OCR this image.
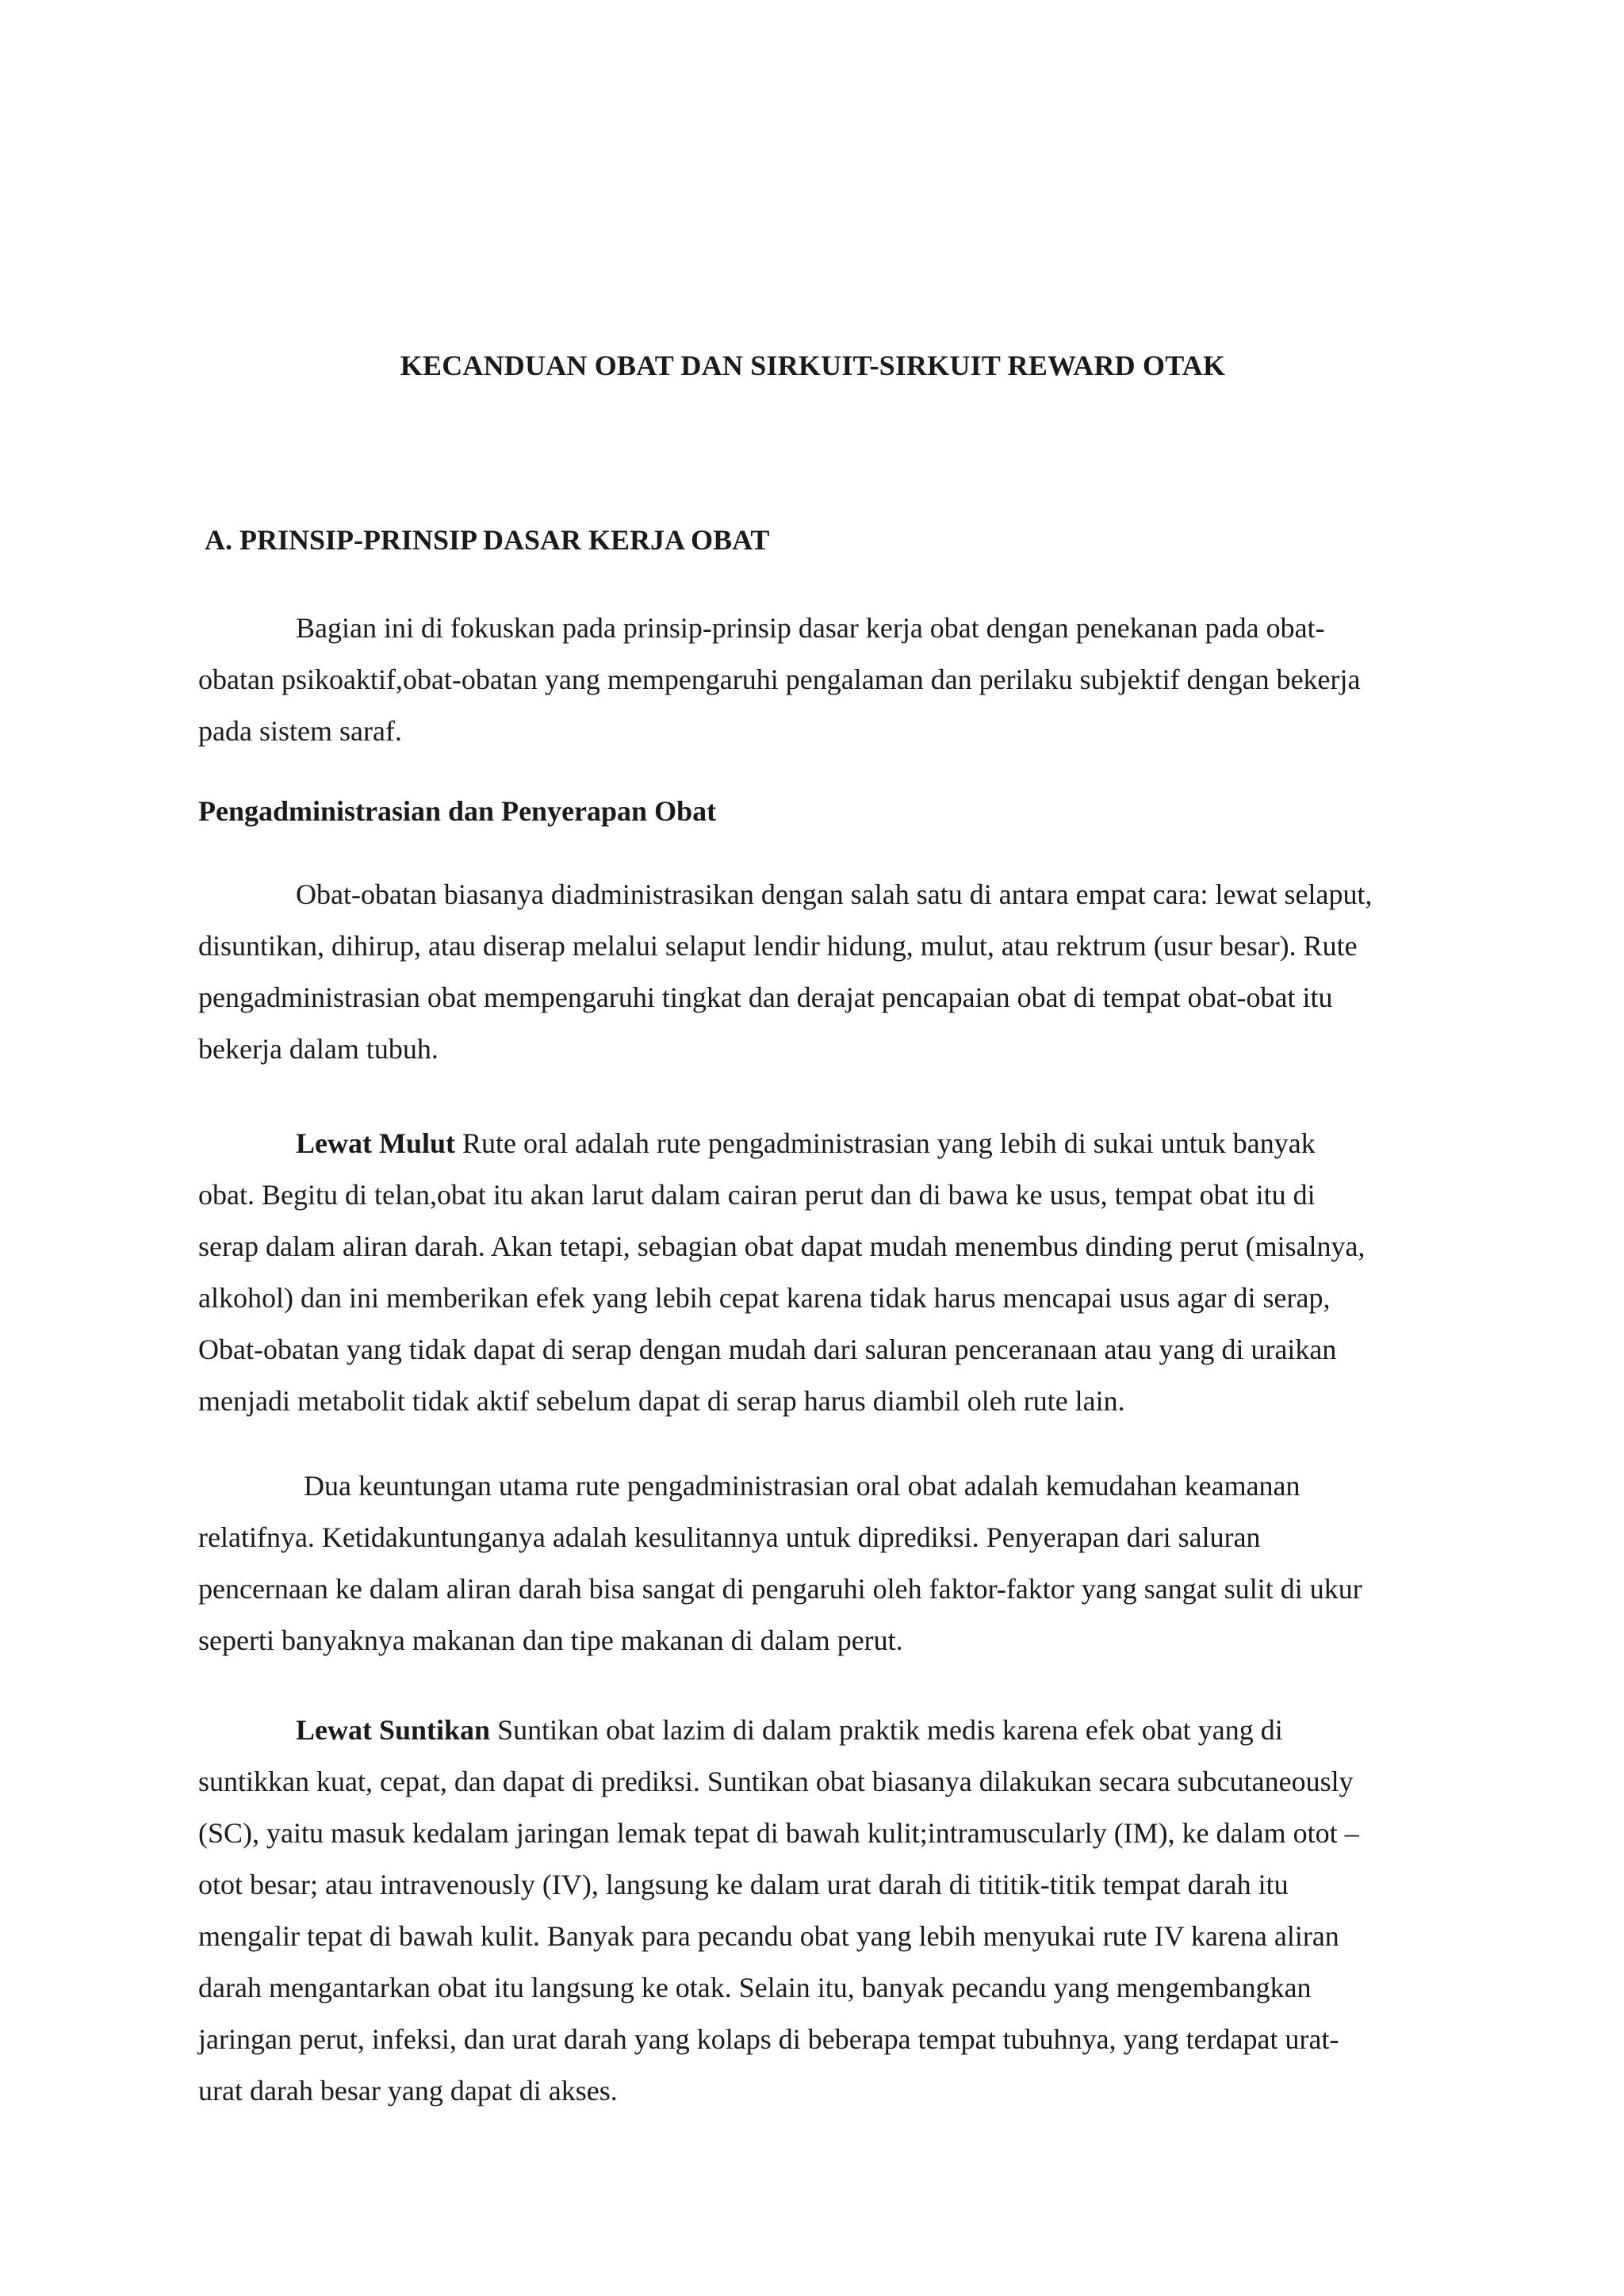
KECANDUAN OBAT DAN SIRKUIT-SIRKUIT REWARD OTAK
A. PRINSIP-PRINSIP DASAR KERJA OBAT
Bagian ini di fokuskan pada prinsip-prinsip dasar kerja obat dengan penekanan pada obat-
obatan psikoaktif,obat-obatan yang mempengaruhi pengalaman dan perilaku subjektif dengan bekerja
pada sistem saraf.
Pengadministrasian dan Penyerapan Obat
Obat-obatan biasanya diadministrasikan dengan salah satu di antara empat cara: lewat selaput,
disuntikan, dihirup, atau diserap melalui selaput lendir hidung, mulut, atau rektrum (usur besar). Rute
pengadministrasian obat mempengaruhi tingkat dan derajat pencapaian obat di tempat obat-obat itu
bekerja dalam tubuh.
Lewat Mulut Rute oral adalah rute pengadministrasian yang lebih di sukai untuk banyak
obat. Begitu di telan,obat itu akan larut dalam cairan perut dan di bawa ke usus, tempat obat itu di
serap dalam aliran darah. Akan tetapi, sebagian obat dapat mudah menembus dinding perut (misalnya,
alkohol) dan ini memberikan efek yang lebih cepat karena tidak harus mencapai usus agar di serap,
Obat-obatan yang tidak dapat di serap dengan mudah dari saluran penceranaan atau yang di uraikan
menjadi metabolit tidak aktif sebelum dapat di serap harus diambil oleh rute lain.
Dua keuntungan utama rute pengadministrasian oral obat adalah kemudahan keamanan
relatifnya. Ketidakuntunganya adalah kesulitannya untuk diprediksi. Penyerapan dari saluran
pencernaan ke dalam aliran darah bisa sangat di pengaruhi oleh faktor-faktor yang sangat sulit di ukur
seperti banyaknya makanan dan tipe makanan di dalam perut.
Lewat Suntikan Suntikan obat lazim di dalam praktik medis karena efek obat yang di
suntikkan kuat, cepat, dan dapat di prediksi. Suntikan obat biasanya dilakukan secara subcutaneously
(SC), yaitu masuk kedalam jaringan lemak tepat di bawah kulit;intramuscularly (IM), ke dalam otot –
otot besar; atau intravenously (IV), langsung ke dalam urat darah di tititik-titik tempat darah itu
mengalir tepat di bawah kulit. Banyak para pecandu obat yang lebih menyukai rute IV karena aliran
darah mengantarkan obat itu langsung ke otak. Selain itu, banyak pecandu yang mengembangkan
jaringan perut, infeksi, dan urat darah yang kolaps di beberapa tempat tubuhnya, yang terdapat urat-
urat darah besar yang dapat di akses.
